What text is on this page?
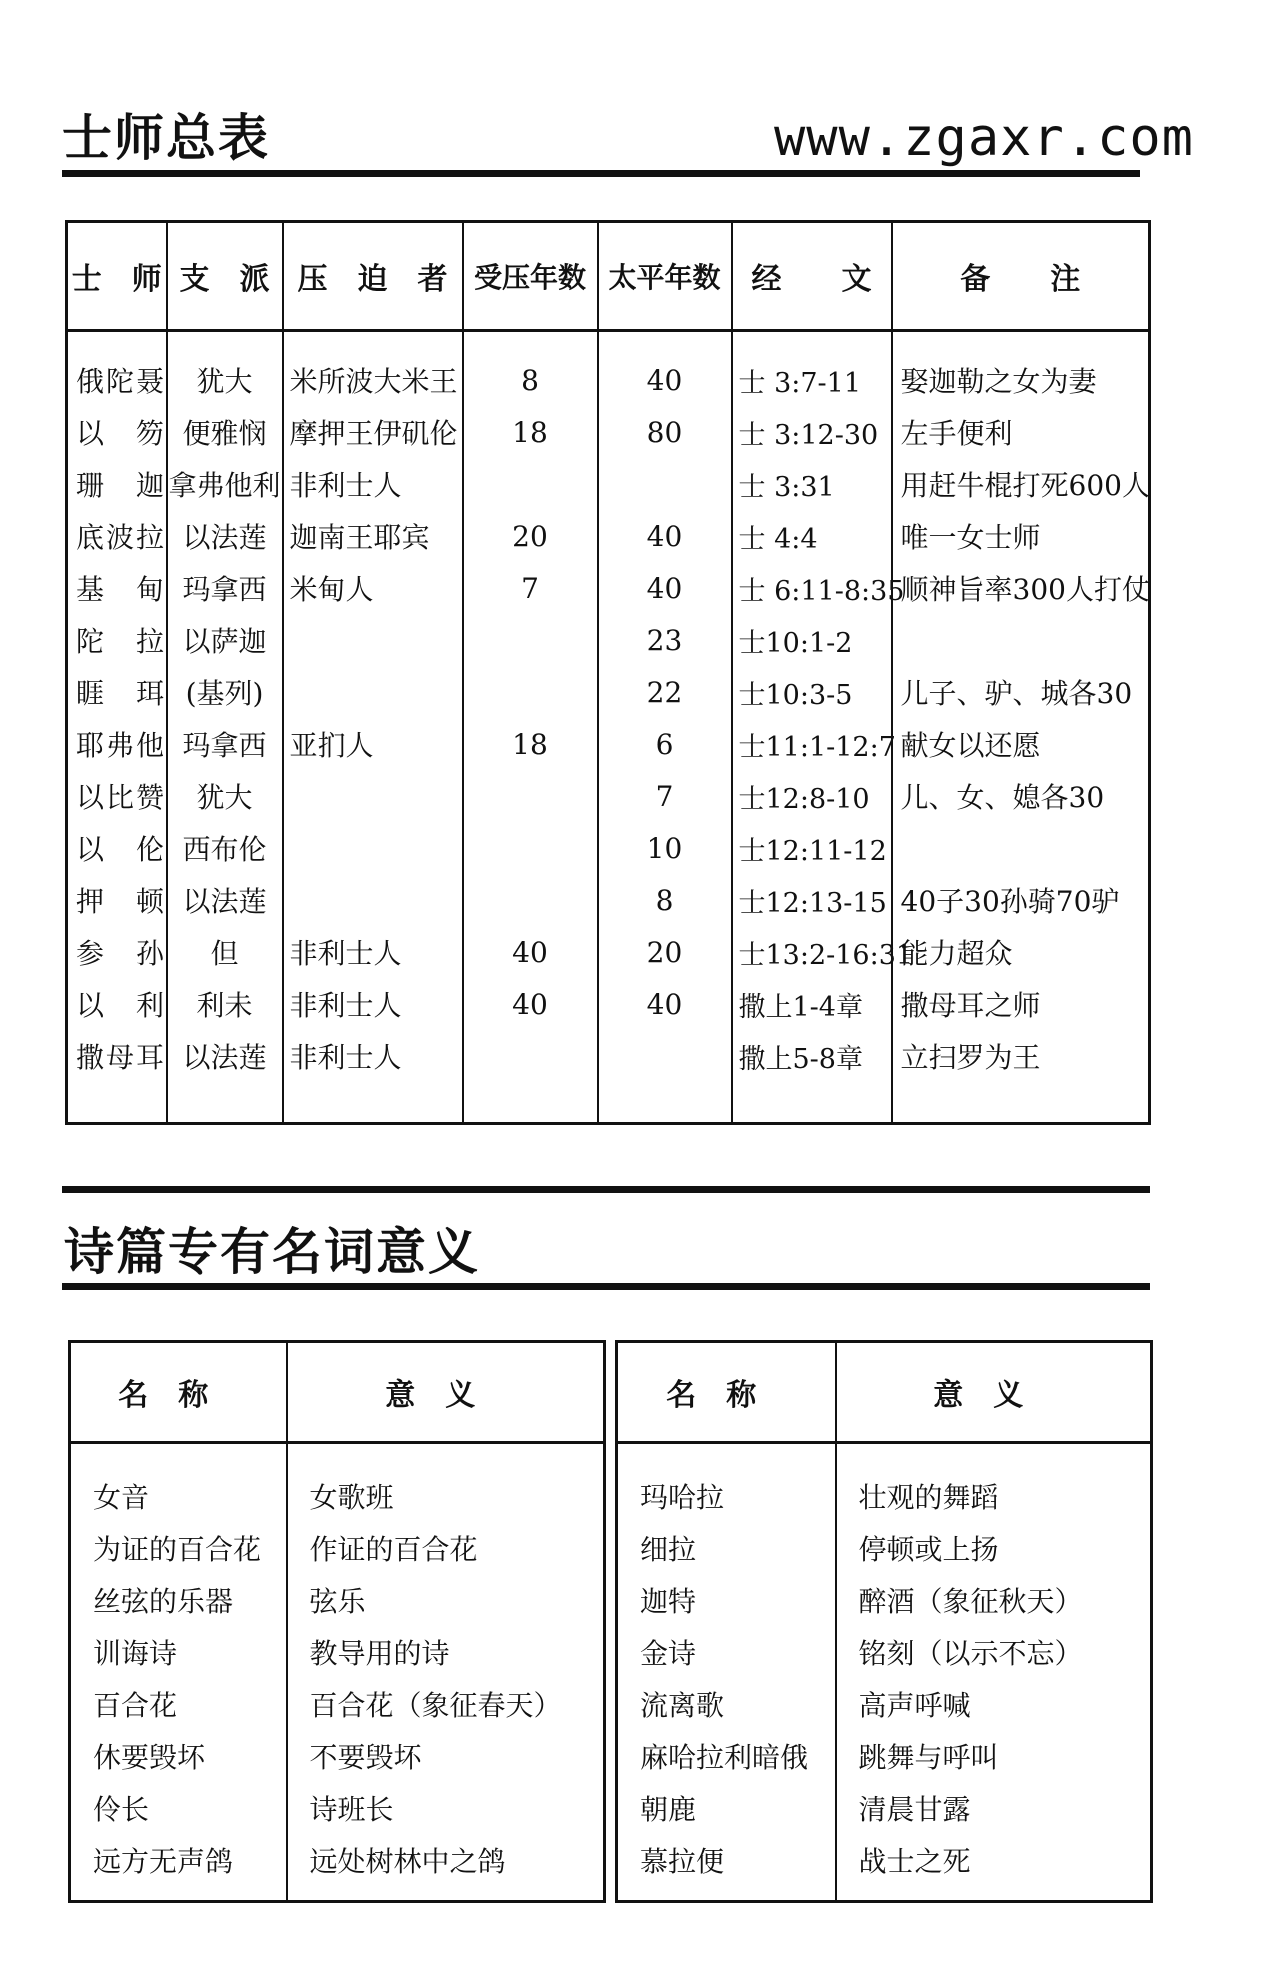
士师总表	www.zgaxr.com
士　师	支　派	压　迫　者	受压年数	太平年数	经　　文	备　　注
俄陀聂	犹大	米所波大米王	8	40	士 3:7-11	娶迦勒之女为妻
以　笏	便雅悯	摩押王伊矶伦	18	80	士 3:12-30	左手便利
珊　迦	拿弗他利	非利士人			士 3:31	用赶牛棍打死600人
底波拉	以法莲	迦南王耶宾	20	40	士 4:4	唯一女士师
基　甸	玛拿西	米甸人	7	40	士 6:11-8:35	顺神旨率300人打仗
陀　拉	以萨迦			23	士10:1-2	
睚　珥	(基列)			22	士10:3-5	儿子、驴、城各30
耶弗他	玛拿西	亚扪人	18	6	士11:1-12:7	献女以还愿
以比赞	犹大			7	士12:8-10	儿、女、媳各30
以　伦	西布伦			10	士12:11-12	
押　顿	以法莲			8	士12:13-15	40子30孙骑70驴
参　孙	但	非利士人	40	20	士13:2-16:31	能力超众
以　利	利未	非利士人	40	40	撒上1-4章	撒母耳之师
撒母耳	以法莲	非利士人			撒上5-8章	立扫罗为王
诗篇专有名词意义
名称	意义
女音	女歌班
为证的百合花	作证的百合花
丝弦的乐器	弦乐
训诲诗	教导用的诗
百合花	百合花（象征春天）
休要毁坏	不要毁坏
伶长	诗班长
远方无声鸽	远处树林中之鸽
名称	意义
玛哈拉	壮观的舞蹈
细拉	停顿或上扬
迦特	醉酒（象征秋天）
金诗	铭刻（以示不忘）
流离歌	高声呼喊
麻哈拉利暗俄	跳舞与呼叫
朝鹿	清晨甘露
慕拉便	战士之死
